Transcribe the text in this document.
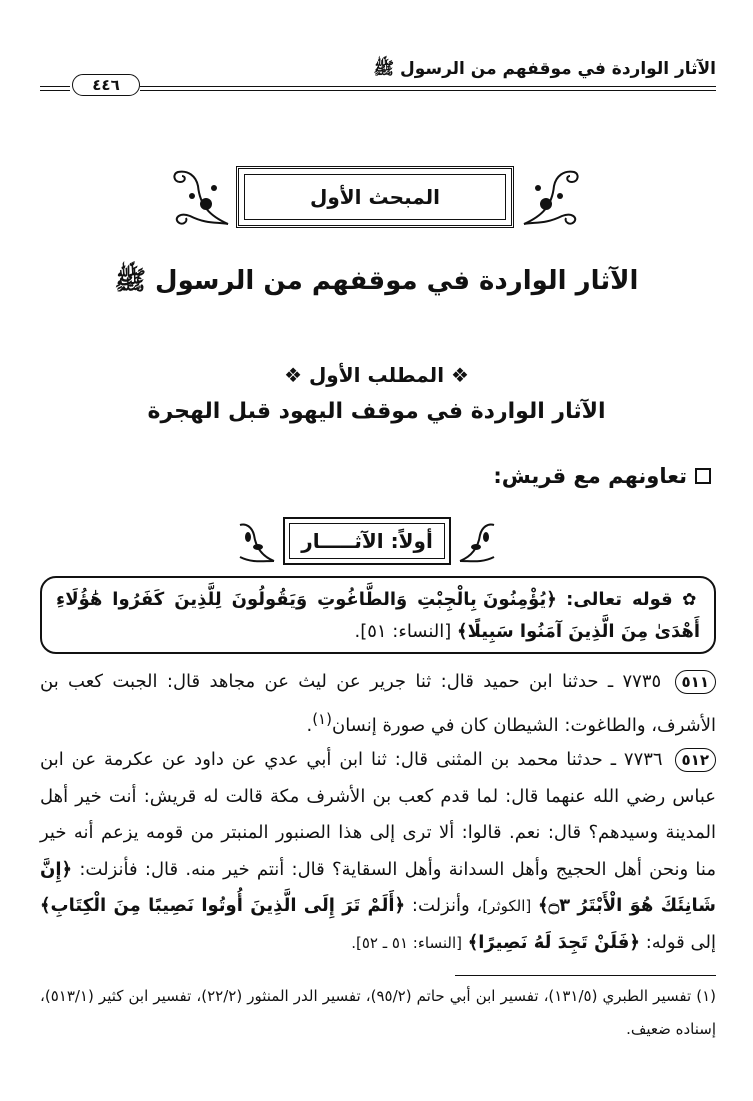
الآثار الواردة في موقفهم من الرسول ﷺ
٤٤٦
المبحث الأول
الآثار الواردة في موقفهم من الرسول ﷺ
❖ المطلب الأول ❖
الآثار الواردة في موقف اليهود قبل الهجرة
تعاونهم مع قريش:
أولاً: الآثـــــار
✿ قوله تعالى: ﴿يُؤْمِنُونَ بِالْجِبْتِ وَالطَّاغُوتِ وَيَقُولُونَ لِلَّذِينَ كَفَرُوا هَٰؤُلَاءِ أَهْدَىٰ مِنَ الَّذِينَ آمَنُوا سَبِيلًا﴾ [النساء: ٥١].
٥١١ ٧٧٣٥ ـ حدثنا ابن حميد قال: ثنا جرير عن ليث عن مجاهد قال: الجبت كعب بن الأشرف، والطاغوت: الشيطان كان في صورة إنسان$^{(١)}$.
٥١٢ ٧٧٣٦ ـ حدثنا محمد بن المثنى قال: ثنا ابن أبي عدي عن داود عن عكرمة عن ابن عباس رضي الله عنهما قال: لما قدم كعب بن الأشرف مكة قالت له قريش: أنت خير أهل المدينة وسيدهم؟ قال: نعم. قالوا: ألا ترى إلى هذا الصنبور المنبتر من قومه يزعم أنه خير منا ونحن أهل الحجيج وأهل السدانة وأهل السقاية؟ قال: أنتم خير منه. قال: فأنزلت: ﴿إِنَّ شَانِئَكَ هُوَ الْأَبْتَرُ ۝٣﴾ [الكوثر]، وأنزلت: ﴿أَلَمْ تَرَ إِلَى الَّذِينَ أُوتُوا نَصِيبًا مِنَ الْكِتَابِ﴾ إلى قوله: ﴿فَلَنْ تَجِدَ لَهُ نَصِيرًا﴾ [النساء: ٥١ ـ ٥٢].
(١) تفسير الطبري (١٣١/٥)، تفسير ابن أبي حاتم (٩٥/٢)، تفسير الدر المنثور (٢٢/٢)، تفسير ابن كثير (٥١٣/١)، إسناده ضعيف.
